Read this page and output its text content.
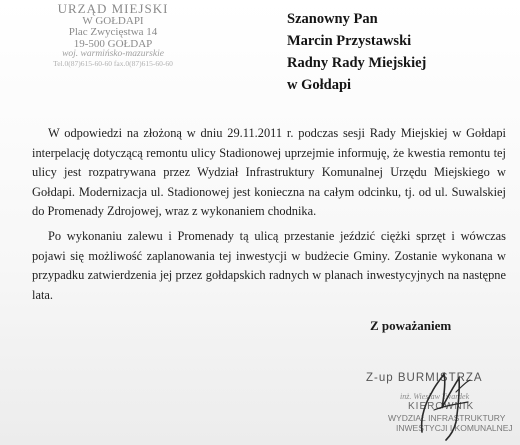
URZĄD MIEJSKI
W GOŁDAPI
Plac Zwycięstwa 14
19-500 GOŁDAP
woj. warmińsko-mazurskie
Tel.0(87)615-60-60 fax.0(87)615-60-60
Szanowny Pan
Marcin Przystawski
Radny Rady Miejskiej
w Gołdapi

W odpowiedzi na złożoną w dniu 29.11.2011 r. podczas sesji Rady Miejskiej w Gołdapi interpelację dotyczącą remontu ulicy Stadionowej uprzejmie informuję, że kwestia remontu tej ulicy jest rozpatrywana przez Wydział Infrastruktury Komunalnej Urzędu Miejskiego w Gołdapi. Modernizacja ul. Stadionowej jest konieczna na całym odcinku, tj. od ul. Suwalskiej do Promenady Zdrojowej, wraz z wykonaniem chodnika.

Po wykonaniu zalewu i Promenady tą ulicą przestanie jeździć ciężki sprzęt i wówczas pojawi się możliwość zaplanowania tej inwestycji w budżecie Gminy. Zostanie wykonana w przypadku zatwierdzenia jej przez gołdapskich radnych w planach inwestycyjnych na następne lata.

Z poważaniem
Z-up BURMISTRZA
inż. Wiesław Twardek
KIEROWNIK
WYDZIAŁ INFRASTRUKTURY
INWESTYCJI I KOMUNALNEJ
